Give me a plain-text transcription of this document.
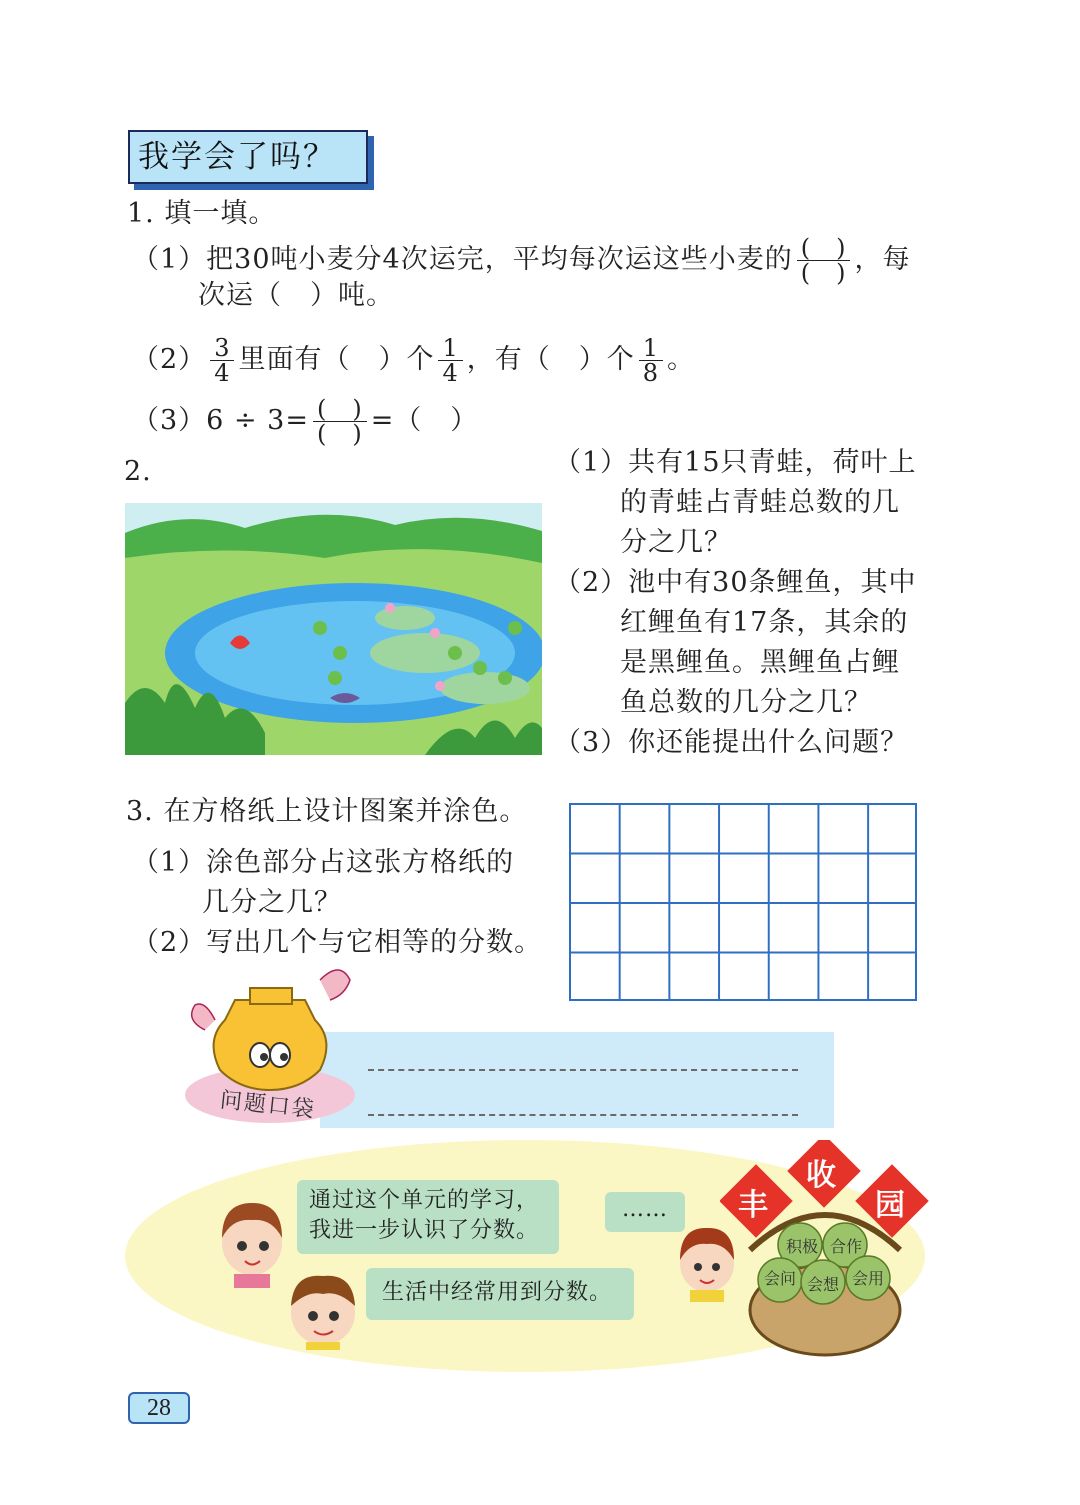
我学会了吗？
1. 填一填。
（1）把30吨小麦分4次运完，平均每次运这些小麦的 $\frac{( )}{( )}$ ，每
次运（　）吨。
$(2) \frac{3}{4}$ 里面有（　）个 $\frac{1}{4}$ ，有（　）个 $\frac{1}{8}$ 。
$(3)6 \div 3= \frac{( )}{( )}$ =（　）
2.	（1）共有15只青蛙，荷叶上
的青蛙占青蛙总数的几
分之几？
（2）池中有30条鲤鱼，其中
红鲤鱼有17条，其余的
是黑鲤鱼。黑鲤鱼占鲤
鱼总数的几分之几？
（3）你还能提出什么问题？
3. 在方格纸上设计图案并涂色。
（1）涂色部分占这张方格纸的
几分之几？
（2）写出几个与它相等的分数。
问题口袋
通过这个单元的学习，
我进一步认识了分数。
生活中经常用到分数。
……	丰
收
园
积极 合作
会问 会想 会用
28
